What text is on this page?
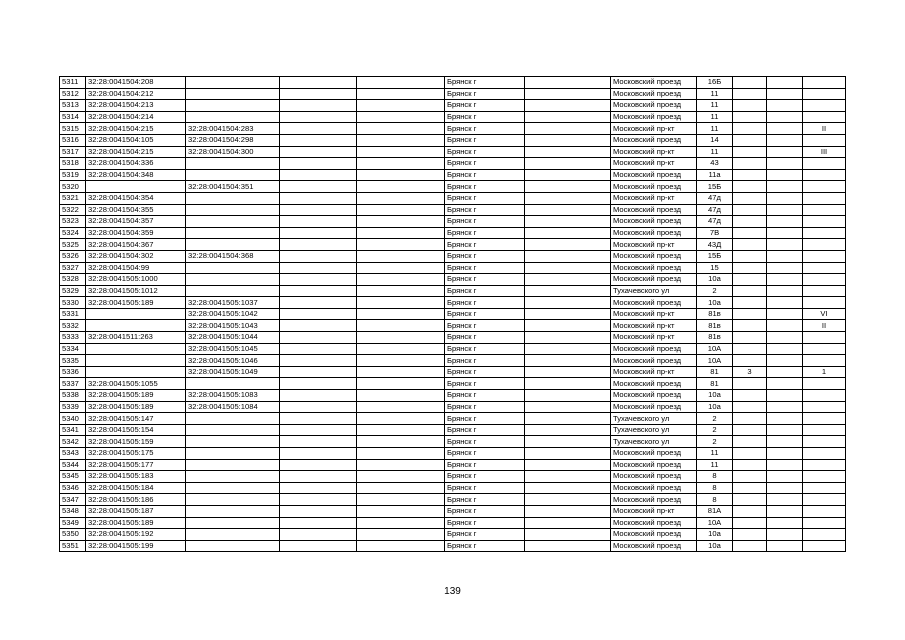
5311	32:28:0041504:208				Брянск г		Московский проезд	16Б			
5312	32:28:0041504:212				Брянск г		Московский проезд	11			
5313	32:28:0041504:213				Брянск г		Московский проезд	11			
5314	32:28:0041504:214				Брянск г		Московский проезд	11			
5315	32:28:0041504:215	32:28:0041504:283			Брянск г		Московский пр-кт	11			II
5316	32:28:0041504:105	32:28:0041504:298			Брянск г		Московский проезд	14			
5317	32:28:0041504:215	32:28:0041504:300			Брянск г		Московский пр-кт	11			III
5318	32:28:0041504:336				Брянск г		Московский пр-кт	43			
5319	32:28:0041504:348				Брянск г		Московский проезд	11а			
5320		32:28:0041504:351			Брянск г		Московский проезд	15Б			
5321	32:28:0041504:354				Брянск г		Московский пр-кт	47д			
5322	32:28:0041504:355				Брянск г		Московский проезд	47д			
5323	32:28:0041504:357				Брянск г		Московский проезд	47д			
5324	32:28:0041504:359				Брянск г		Московский проезд	7В			
5325	32:28:0041504:367				Брянск г		Московский пр-кт	43Д			
5326	32:28:0041504:302	32:28:0041504:368			Брянск г		Московский проезд	15Б			
5327	32:28:0041504:99				Брянск г		Московский проезд	15			
5328	32:28:0041505:1000				Брянск г		Московский проезд	10а			
5329	32:28:0041505:1012				Брянск г		Тухачевского ул	2			
5330	32:28:0041505:189	32:28:0041505:1037			Брянск г		Московский проезд	10а			
5331		32:28:0041505:1042			Брянск г		Московский пр-кт	81в			VI
5332		32:28:0041505:1043			Брянск г		Московский пр-кт	81в			II
5333	32:28:0041511:263	32:28:0041505:1044			Брянск г		Московский пр-кт	81в			
5334		32:28:0041505:1045			Брянск г		Московский проезд	10А			
5335		32:28:0041505:1046			Брянск г		Московский проезд	10А			
5336		32:28:0041505:1049			Брянск г		Московский пр-кт	81	3		1
5337	32:28:0041505:1055				Брянск г		Московский проезд	81			
5338	32:28:0041505:189	32:28:0041505:1083			Брянск г		Московский проезд	10а			
5339	32:28:0041505:189	32:28:0041505:1084			Брянск г		Московский проезд	10а			
5340	32:28:0041505:147				Брянск г		Тухачевского ул	2			
5341	32:28:0041505:154				Брянск г		Тухачевского ул	2			
5342	32:28:0041505:159				Брянск г		Тухачевского ул	2			
5343	32:28:0041505:175				Брянск г		Московский проезд	11			
5344	32:28:0041505:177				Брянск г		Московский проезд	11			
5345	32:28:0041505:183				Брянск г		Московский проезд	8			
5346	32:28:0041505:184				Брянск г		Московский проезд	8			
5347	32:28:0041505:186				Брянск г		Московский проезд	8			
5348	32:28:0041505:187				Брянск г		Московский пр-кт	81А			
5349	32:28:0041505:189				Брянск г		Московский проезд	10А			
5350	32:28:0041505:192				Брянск г		Московский проезд	10а			
5351	32:28:0041505:199				Брянск г		Московский проезд	10а			
139
